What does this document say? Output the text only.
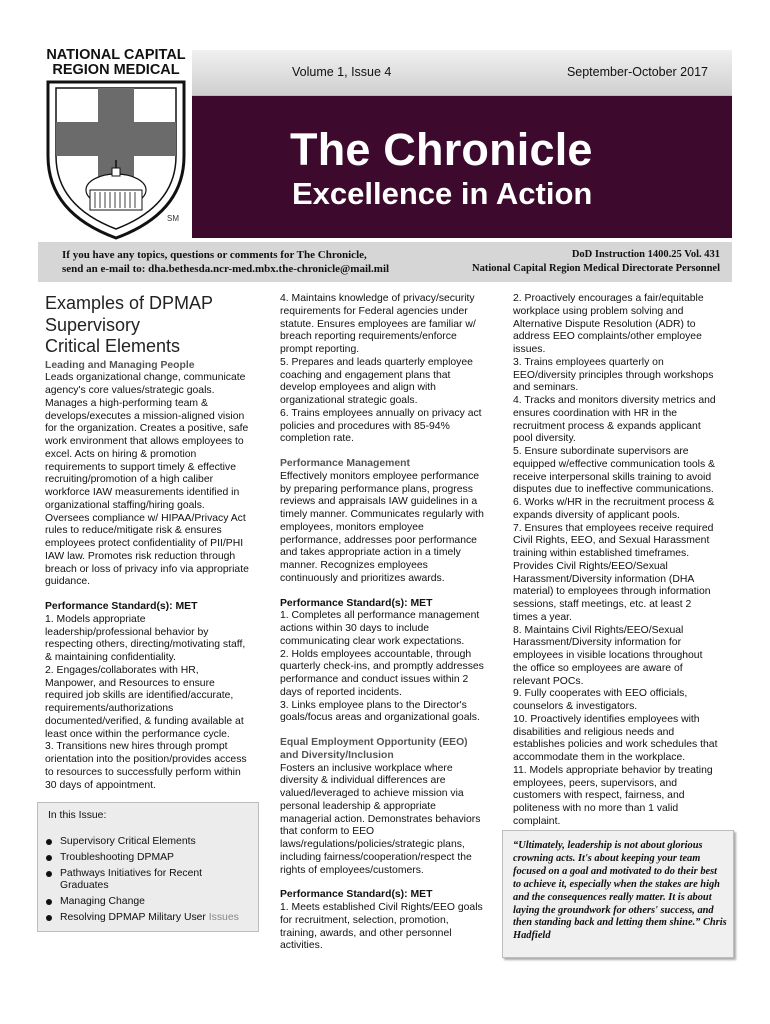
NATIONAL CAPITAL
REGION MEDICAL
SM
Volume 1, Issue 4	September-October 2017
The Chronicle
Excellence in Action
If you have any topics, questions or comments for The Chronicle,
send an e-mail to: dha.bethesda.ncr-med.mbx.the-chronicle@mail.mil
DoD Instruction 1400.25 Vol. 431
National Capital Region Medical Directorate Personnel
Examples of DPMAP
Supervisory
Critical Elements
Leading and Managing People
Leads organizational change, communicate
agency's core values/strategic goals.
Manages a high-performing team &
develops/executes a mission-aligned vision
for the organization. Creates a positive, safe
work environment that allows employees to
excel. Acts on hiring & promotion
requirements to support timely & effective
recruiting/promotion of a high caliber
workforce IAW measurements identified in
organizational staffing/hiring goals.
Oversees compliance w/ HIPAA/Privacy Act
rules to reduce/mitigate risk & ensures
employees protect confidentiality of PII/PHI
IAW law. Promotes risk reduction through
breach or loss of privacy info via appropriate
guidance.
Performance Standard(s): MET
1. Models appropriate
leadership/professional behavior by
respecting others, directing/motivating staff,
& maintaining confidentiality.
2. Engages/collaborates with HR,
Manpower, and Resources to ensure
required job skills are identified/accurate,
requirements/authorizations
documented/verified, & funding available at
least once within the performance cycle.
3. Transitions new hires through prompt
orientation into the position/provides access
to resources to successfully perform within
30 days of appointment.
In this Issue:
Supervisory Critical Elements
Troubleshooting DPMAP
Pathways Initiatives for Recent Graduates
Managing Change
Resolving DPMAP Military User Issues
4. Maintains knowledge of privacy/security
requirements for Federal agencies under
statute. Ensures employees are familiar w/
breach reporting requirements/enforce
prompt reporting.
5. Prepares and leads quarterly employee
coaching and engagement plans that
develop employees and align with
organizational strategic goals.
6. Trains employees annually on privacy act
policies and procedures with 85-94%
completion rate.
Performance Management
Effectively monitors employee performance
by preparing performance plans, progress
reviews and appraisals IAW guidelines in a
timely manner. Communicates regularly with
employees, monitors employee
performance, addresses poor performance
and takes appropriate action in a timely
manner. Recognizes employees
continuously and prioritizes awards.
Performance Standard(s): MET
1. Completes all performance management
actions within 30 days to include
communicating clear work expectations.
2. Holds employees accountable, through
quarterly check-ins, and promptly addresses
performance and conduct issues within 2
days of reported incidents.
3. Links employee plans to the Director's
goals/focus areas and organizational goals.
Equal Employment Opportunity (EEO)
and Diversity/Inclusion
Fosters an inclusive workplace where
diversity & individual differences are
valued/leveraged to achieve mission via
personal leadership & appropriate
managerial action. Demonstrates behaviors
that conform to EEO
laws/regulations/policies/strategic plans,
including fairness/cooperation/respect the
rights of employees/customers.
Performance Standard(s): MET
1. Meets established Civil Rights/EEO goals
for recruitment, selection, promotion,
training, awards, and other personnel
activities.
2. Proactively encourages a fair/equitable
workplace using problem solving and
Alternative Dispute Resolution (ADR) to
address EEO complaints/other employee
issues.
3. Trains employees quarterly on
EEO/diversity principles through workshops
and seminars.
4. Tracks and monitors diversity metrics and
ensures coordination with HR in the
recruitment process & expands applicant
pool diversity.
5. Ensure subordinate supervisors are
equipped w/effective communication tools &
receive interpersonal skills training to avoid
disputes due to ineffective communications.
6. Works w/HR in the recruitment process &
expands diversity of applicant pools.
7. Ensures that employees receive required
Civil Rights, EEO, and Sexual Harassment
training within established timeframes.
Provides Civil Rights/EEO/Sexual
Harassment/Diversity information (DHA
material) to employees through information
sessions, staff meetings, etc. at least 2
times a year.
8. Maintains Civil Rights/EEO/Sexual
Harassment/Diversity information for
employees in visible locations throughout
the office so employees are aware of
relevant POCs.
9. Fully cooperates with EEO officials,
counselors & investigators.
10. Proactively identifies employees with
disabilities and religious needs and
establishes policies and work schedules that
accommodate them in the workplace.
11. Models appropriate behavior by treating
employees, peers, supervisors, and
customers with respect, fairness, and
politeness with no more than 1 valid
complaint.
“Ultimately, leadership is not about glorious crowning acts. It's about keeping your team focused on a goal and motivated to do their best to achieve it, especially when the stakes are high and the consequences really matter. It is about laying the groundwork for others' success, and then standing back and letting them shine.” Chris Hadfield
